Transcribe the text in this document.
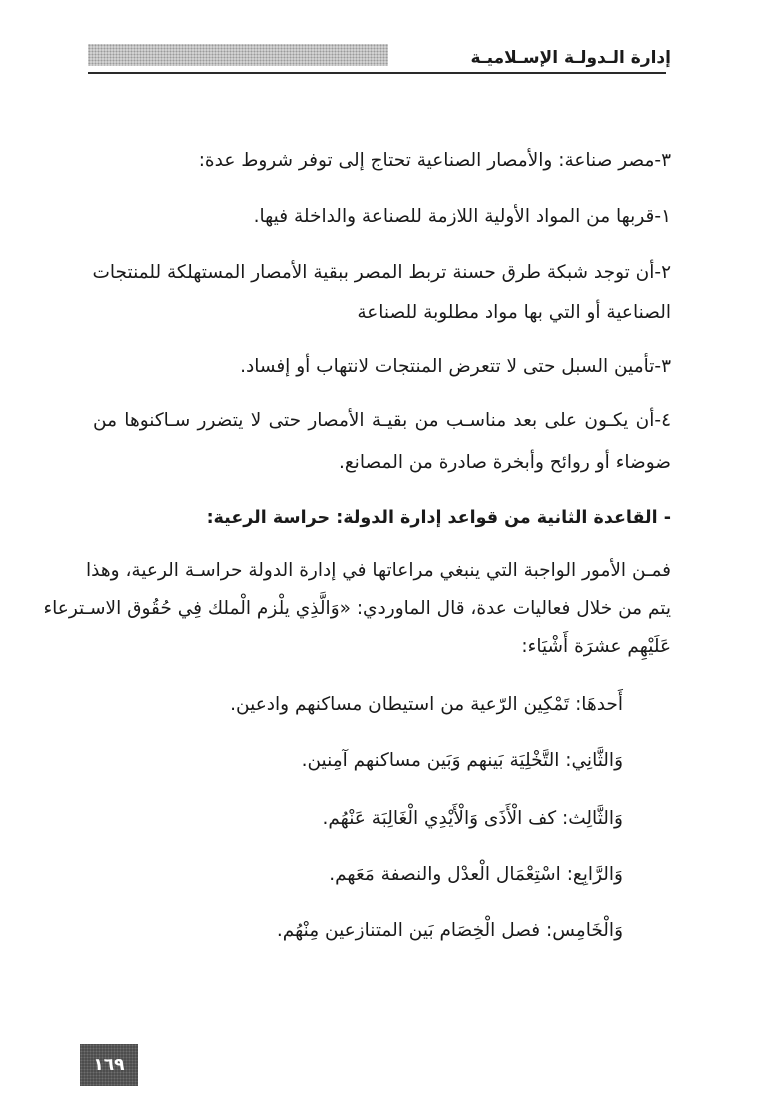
إدارة الـدولـة الإسـلاميـة
٣-مصر صناعة: والأمصار الصناعية تحتاج إلى توفر شروط عدة:
١-قربها من المواد الأولية اللازمة للصناعة والداخلة فيها.
٢-أن توجد شبكة طرق حسنة تربط المصر ببقية الأمصار المستهلكة للمنتجات
الصناعية أو التي بها مواد مطلوبة للصناعة
٣-تأمين السبل حتى لا تتعرض المنتجات لانتهاب أو إفساد.
٤-أن يكـون على بعد مناسـب من بقيـة الأمصار حتى لا يتضرر سـاكنوها من
ضوضاء أو روائح وأبخرة صادرة من المصانع.
- القاعدة الثانية من قواعد إدارة الدولة: حراسة الرعية:
فمـن الأمور الواجبة التي ينبغي مراعاتها في إدارة الدولة حراسـة الرعية، وهذا
يتم من خلال فعاليات عدة، قال الماوردي: «وَالَّذِي يلْزم الْملك فِي حُقُوق الاسـترعاء
عَلَيْهِم عشرَة أَشْيَاء:
أَحدهَا: تَمْكِين الرّعية من استيطان مساكنهم وادعين.
وَالثَّانِي: التَّخْلِيَة بَينهم وَبَين مساكنهم آمِنين.
وَالثَّالِث: كف الْأَذَى وَالْأَيْدِي الْغَالِبَة عَنْهُم.
وَالرَّابِع: اسْتِعْمَال الْعدْل والنصفة مَعَهم.
وَالْخَامِس: فصل الْخِصَام بَين المتنازعين مِنْهُم.
١٦٩
